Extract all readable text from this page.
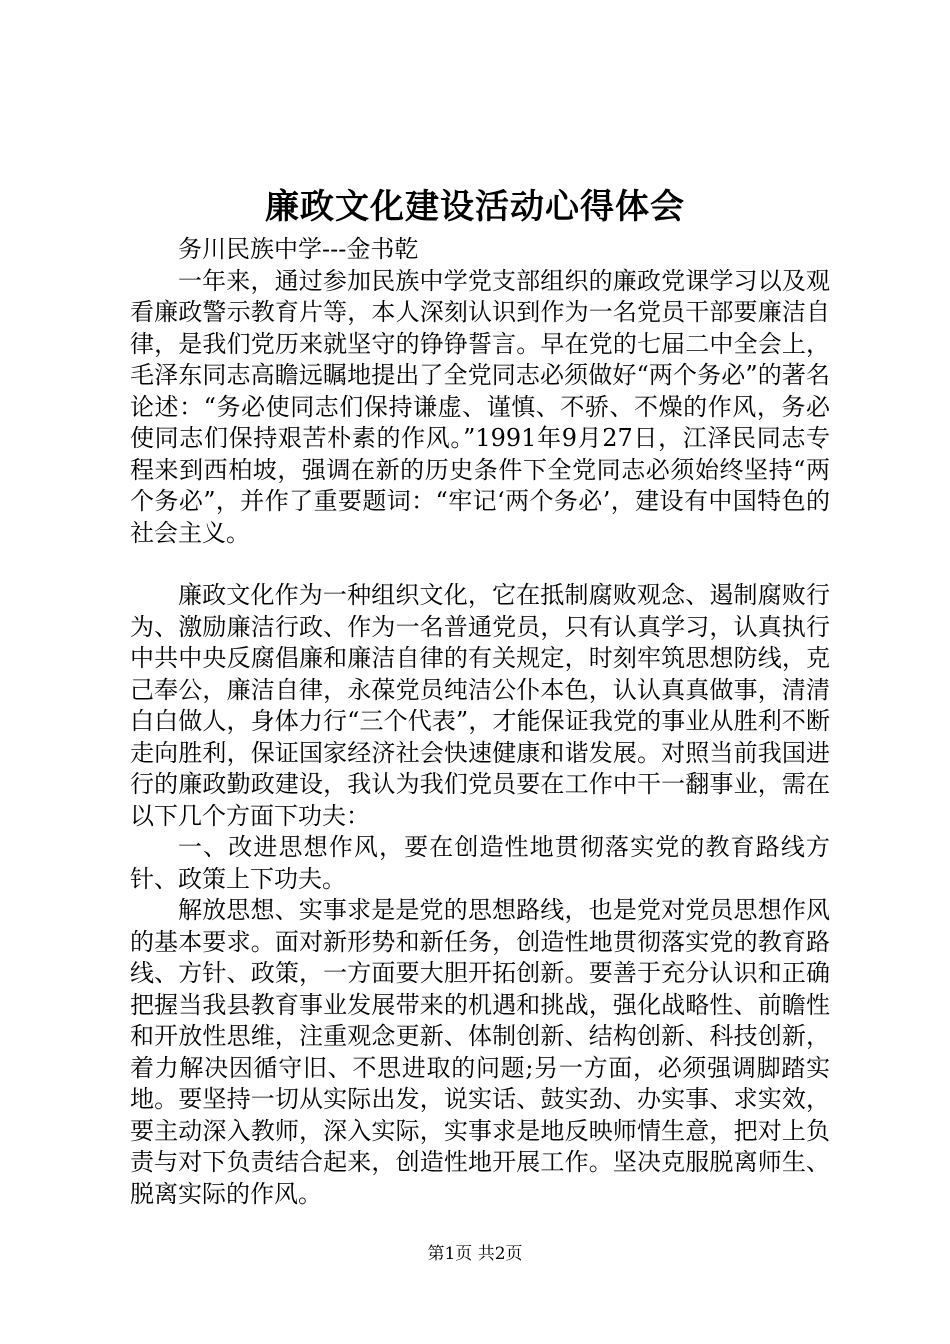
廉政文化建设活动心得体会

务川民族中学---金书乾

一年来，通过参加民族中学党支部组织的廉政党课学习以及观看廉政警示教育片等，本人深刻认识到作为一名党员干部要廉洁自律，是我们党历来就坚守的铮铮誓言。早在党的七届二中全会上，毛泽东同志高瞻远瞩地提出了全党同志必须做好“两个务必”的著名论述：“务必使同志们保持谦虚、谨慎、不骄、不燥的作风，务必使同志们保持艰苦朴素的作风。”1991年9月27日，江泽民同志专程来到西柏坡，强调在新的历史条件下全党同志必须始终坚持“两个务必”，并作了重要题词：“牢记‘两个务必’，建设有中国特色的社会主义。

廉政文化作为一种组织文化，它在抵制腐败观念、遏制腐败行为、激励廉洁行政、作为一名普通党员，只有认真学习，认真执行中共中央反腐倡廉和廉洁自律的有关规定，时刻牢筑思想防线，克己奉公，廉洁自律，永葆党员纯洁公仆本色，认认真真做事，清清白白做人，身体力行“三个代表”，才能保证我党的事业从胜利不断走向胜利，保证国家经济社会快速健康和谐发展。对照当前我国进行的廉政勤政建设，我认为我们党员要在工作中干一翻事业，需在以下几个方面下功夫：

一、改进思想作风，要在创造性地贯彻落实党的教育路线方针、政策上下功夫。

解放思想、实事求是是党的思想路线，也是党对党员思想作风的基本要求。面对新形势和新任务，创造性地贯彻落实党的教育路线、方针、政策，一方面要大胆开拓创新。要善于充分认识和正确把握当我县教育事业发展带来的机遇和挑战，强化战略性、前瞻性和开放性思维，注重观念更新、体制创新、结构创新、科技创新，着力解决因循守旧、不思进取的问题;另一方面，必须强调脚踏实地。要坚持一切从实际出发，说实话、鼓实劲、办实事、求实效，要主动深入教师，深入实际，实事求是地反映师情生意，把对上负责与对下负责结合起来，创造性地开展工作。坚决克服脱离师生、脱离实际的作风。

第1页 共2页
